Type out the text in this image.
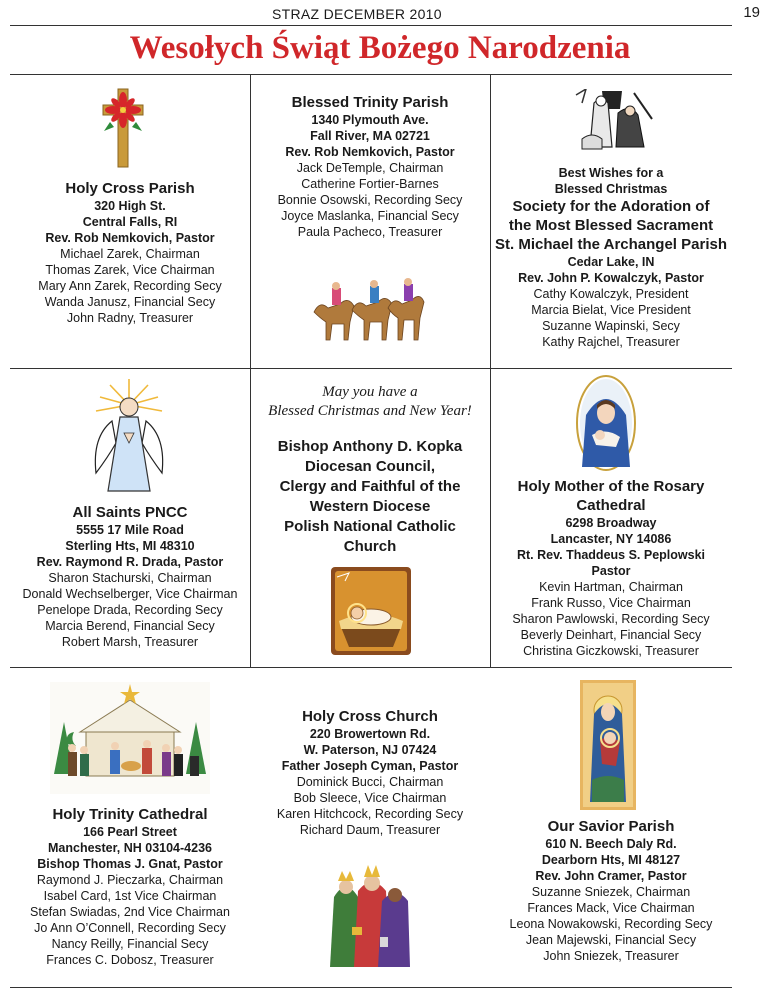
STRAZ DECEMBER 2010	19
Wesołych Świąt Bożego Narodzenia
Holy Cross Parish
320 High St.
Central Falls, RI
Rev. Rob Nemkovich, Pastor
Michael Zarek, Chairman
Thomas Zarek, Vice Chairman
Mary Ann Zarek, Recording Secy
Wanda Janusz, Financial Secy
John Radny, Treasurer
Blessed Trinity Parish
1340 Plymouth Ave.
Fall River, MA 02721
Rev. Rob Nemkovich, Pastor
Jack DeTemple, Chairman
Catherine Fortier-Barnes
Bonnie Osowski, Recording Secy
Joyce Maslanka, Financial Secy
Paula Pacheco, Treasurer
Best Wishes for a
Blessed Christmas
Society for the Adoration of the Most Blessed Sacrament
St. Michael the Archangel Parish
Cedar Lake, IN
Rev. John P. Kowalczyk, Pastor
Cathy Kowalczyk, President
Marcia Bielat, Vice President
Suzanne Wapinski, Secy
Kathy Rajchel, Treasurer
All Saints PNCC
5555 17 Mile Road
Sterling Hts, MI 48310
Rev. Raymond R. Drada, Pastor
Sharon Stachurski, Chairman
Donald Wechselberger, Vice Chairman
Penelope Drada, Recording Secy
Marcia Berend, Financial Secy
Robert Marsh, Treasurer
May you have a
Blessed Christmas and New Year!
Bishop Anthony D. Kopka
Diocesan Council,
Clergy and Faithful of the
Western Diocese
Polish National Catholic
Church
Holy Mother of the Rosary
Cathedral
6298 Broadway
Lancaster, NY 14086
Rt. Rev. Thaddeus S. Peplowski
Pastor
Kevin Hartman, Chairman
Frank Russo, Vice Chairman
Sharon Pawlowski, Recording Secy
Beverly Deinhart, Financial Secy
Christina Giczkowski, Treasurer
Holy Trinity Cathedral
166 Pearl Street
Manchester, NH 03104-4236
Bishop Thomas J. Gnat, Pastor
Raymond J. Pieczarka, Chairman
Isabel Card, 1st Vice Chairman
Stefan Swiadas, 2nd Vice Chairman
Jo Ann O’Connell, Recording Secy
Nancy Reilly, Financial Secy
Frances C. Dobosz, Treasurer
Holy Cross Church
220 Browertown Rd.
W. Paterson, NJ 07424
Father Joseph Cyman, Pastor
Dominick Bucci, Chairman
Bob Sleece, Vice Chairman
Karen Hitchcock, Recording Secy
Richard Daum, Treasurer	Our Savior Parish
610 N. Beech Daly Rd.
Dearborn Hts, MI 48127
Rev. John Cramer, Pastor
Suzanne Sniezek, Chairman
Frances Mack, Vice Chairman
Leona Nowakowski, Recording Secy
Jean Majewski, Financial Secy
John Sniezek, Treasurer
